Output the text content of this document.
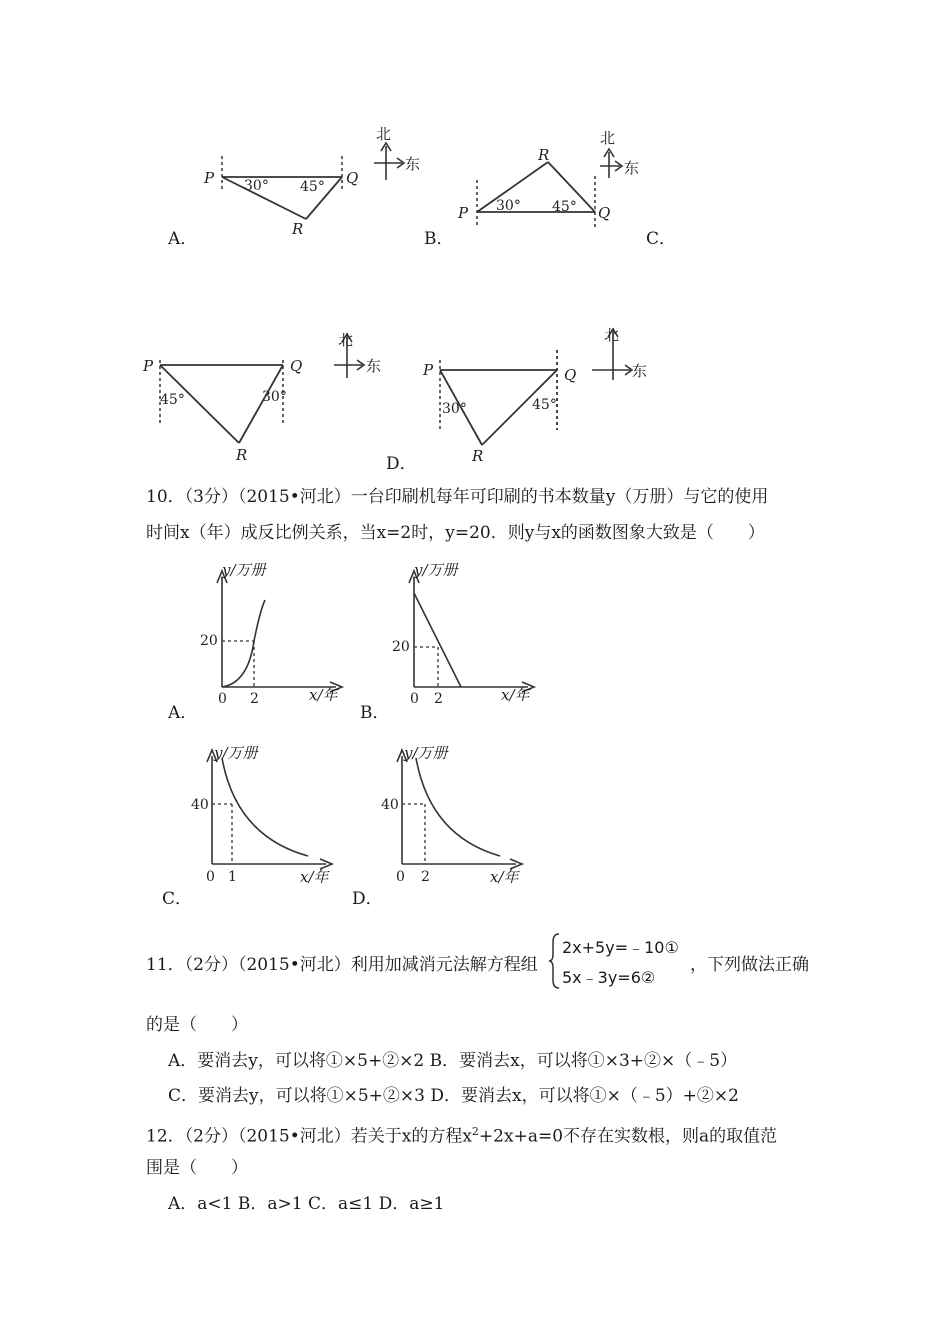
P	Q
R
30° 45°
北
东
A．
P	Q
R
30° 45°
北
东
B．	C．
P	Q
R
45°	30°
北
东	P	Q
R
30°	45°
北
东
D．
10．（3分）（2015•河北）一台印刷机每年可印刷的书本数量y（万册）与它的使用
时间x（年）成反比例关系，当x=2时，y=20．则y与x的函数图象大致是（　　）
y/万册
x/年
0
20
2
A．
y/万册
x/年
0
20
2
B．
y/万册
x/年
0
40
1
C．
y/万册
x/年
0
40
2
D．
11．（2分）（2015•河北）利用加减消元法解方程组
2x+5y=﹣10①
5x﹣3y=6②
，下列做法正确
的是（　　）
A．要消去y，可以将①×5+②×2 B．要消去x，可以将①×3+②×（﹣5）
C．要消去y，可以将①×5+②×3 D．要消去x，可以将①×（﹣5）+②×2
12．（2分）（2015•河北）若关于x的方程$x^2+2x+a=0$不存在实数根，则a的取值范
围是（　　）
A．a<1 B．a>1 C．a≤1 D．a≥1
